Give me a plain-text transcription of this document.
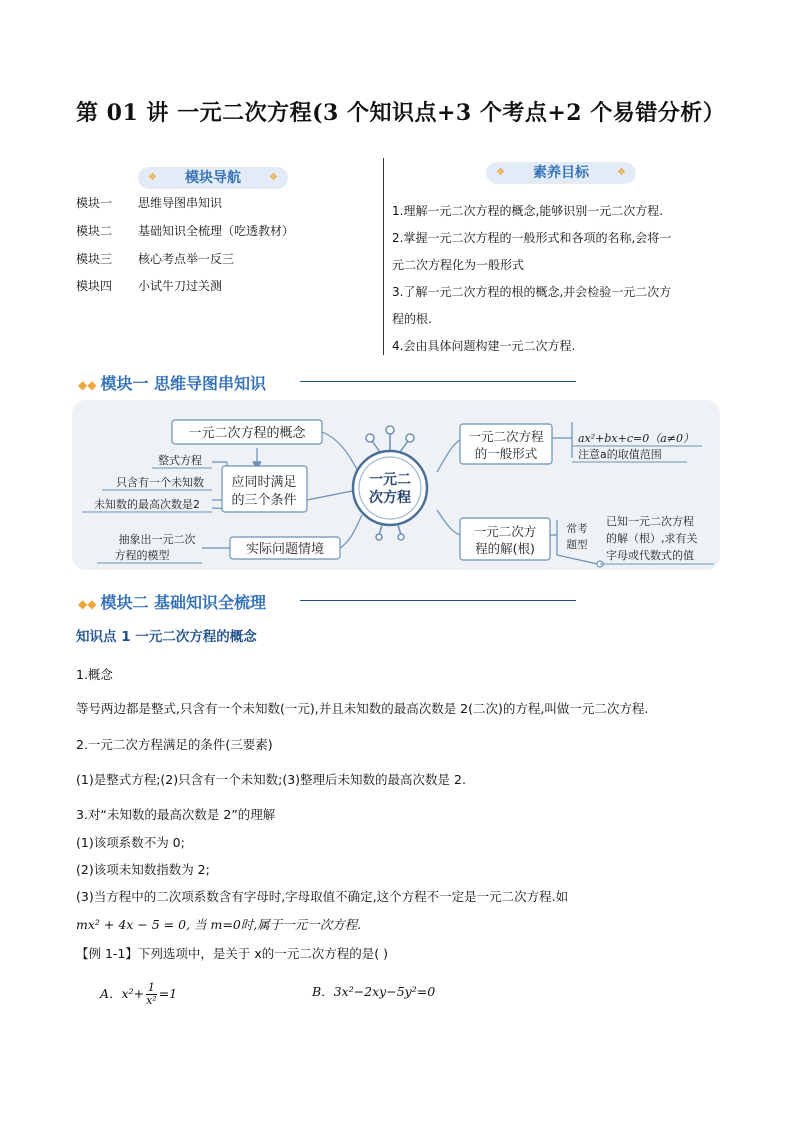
第 01 讲 一元二次方程(3 个知识点+3 个考点+2 个易错分析）
❖ 模块导航 ❖
❖	素养目标 ❖
模块一 思维导图串知识
模块二 基础知识全梳理（吃透教材）
模块三 核心考点举一反三
模块四 小试牛刀过关测
1.理解一元二次方程的概念,能够识别一元二次方程.
2.掌握一元二次方程的一般形式和各项的名称,会将一
元二次方程化为一般形式
3.了解一元二次方程的根的概念,并会检验一元二次方
程的根.
4.会由具体问题构建一元二次方程.
◆◆ 模块一 思维导图串知识
一元二
次方程
一元二次方程的概念
整式方程
只含有一个未知数
未知数的最高次数是2
应同时满足
的三个条件
抽象出一元二次
方程的模型	实际问题情境
一元二次方程
的一般形式
ax²+bx+c=0（a≠0）
注意a的取值范围
一元二次方
程的解(根)
常考
题型
已知一元二次方程
的解（根）,求有关
字母或代数式的值
◆◆ 模块二 基础知识全梳理
知识点 1 一元二次方程的概念
1.概念
等号两边都是整式,只含有一个未知数(一元),并且未知数的最高次数是 2(二次)的方程,叫做一元二次方程.
2.一元二次方程满足的条件(三要素)
(1)是整式方程;(2)只含有一个未知数;(3)整理后未知数的最高次数是 2.
3.对“未知数的最高次数是 2”的理解
(1)该项系数不为 0;
(2)该项未知数指数为 2;
(3)当方程中的二次项系数含有字母时,字母取值不确定,这个方程不一定是一元二次方程.如
mx² + 4x − 5 = 0, 当 m=0时,属于一元一次方程.
【例 1-1】下列选项中，是关于 x的一元二次方程的是( )
A．$x^2+ \frac{1}{\text{x²}} =1$	B．3x²−2xy−5y²=0
